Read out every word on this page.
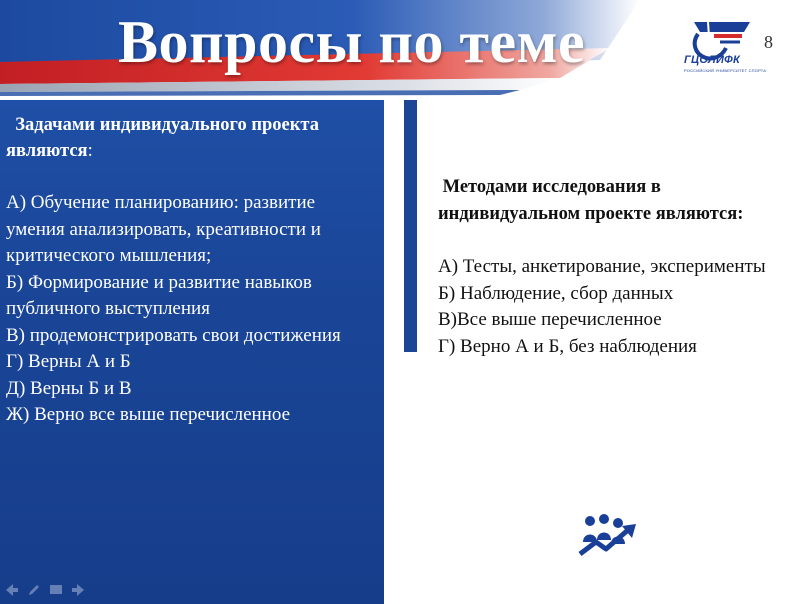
Вопросы по теме	ГЦОЛИФК
РОССИЙСКИЙ УНИВЕРСИТЕТ СПОРТА
8
Задачами индивидуального проекта являются:
А) Обучение планированию: развитие умения анализировать, креативности и критического мышления;
Б) Формирование и развитие навыков публичного выступления
В) продемонстрировать свои достижения
Г) Верны А и Б
Д) Верны Б и В
Ж) Верно все выше перечисленное
Методами исследования в индивидуальном проекте являются:
А) Тесты, анкетирование, эксперименты
Б) Наблюдение, сбор данных
В)Все выше перечисленное
Г) Верно А и Б, без наблюдения
